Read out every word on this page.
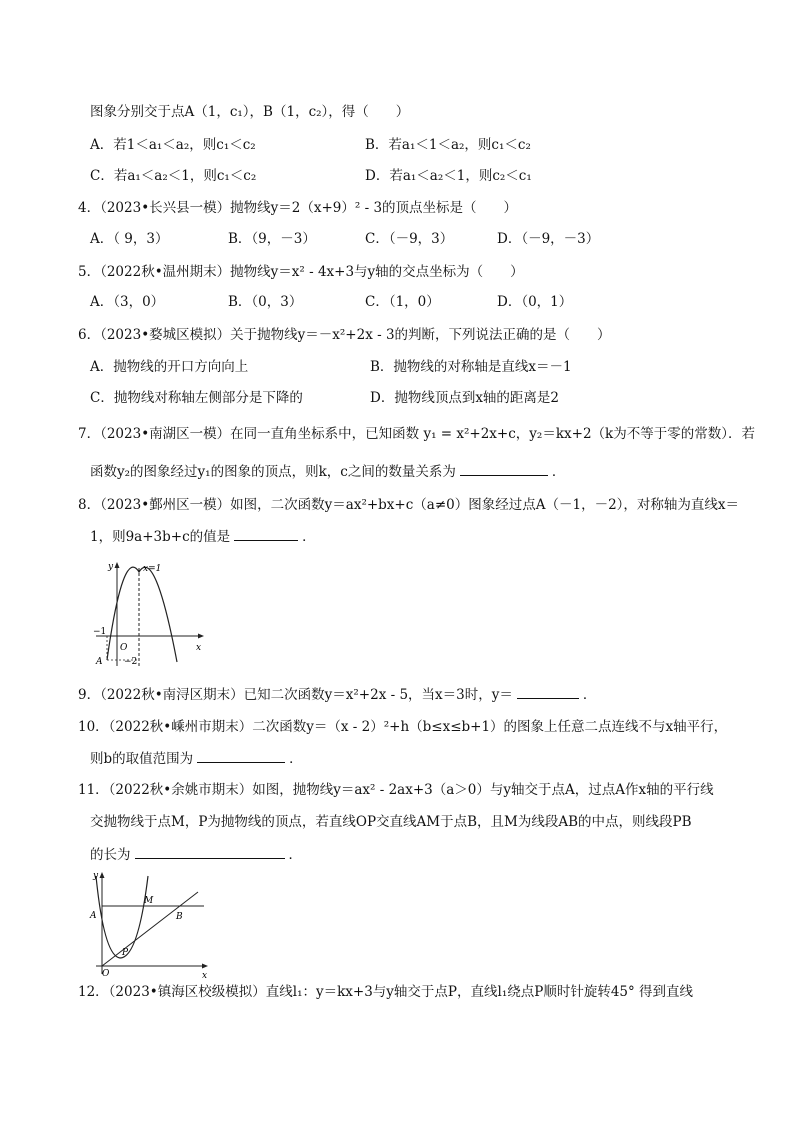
图象分别交于点A（1，c₁），B（1，c₂），得（　　）
A．若1＜a₁＜a₂，则c₁＜c₂	B．若a₁＜1＜a₂，则c₁＜c₂
C．若a₁＜a₂＜1，则c₁＜c₂	D．若a₁＜a₂＜1，则c₂＜c₁
4．（2023•长兴县一模）抛物线y＝2（x+9）² - 3的顶点坐标是（　　）
A．（ 9，3）	B．（9，－3）	C．（－9，3）	D．（－9，－3）
5．（2022秋•温州期末）抛物线y＝x² - 4x+3与y轴的交点坐标为（　　）
A．（3，0）	B．（0，3）	C．（1，0）	D．（0，1）
6．（2023•婺城区模拟）关于抛物线y＝－x²+2x - 3的判断，下列说法正确的是（　　）
A．抛物线的开口方向向上	B．抛物线的对称轴是直线x＝－1
C．抛物线对称轴左侧部分是下降的	D．抛物线顶点到x轴的距离是2
7．（2023•南湖区一模）在同一直角坐标系中，已知函数 y₁ = x²+2x+c，y₂＝kx+2（k为不等于零的常数）．若
函数y₂的图象经过y₁的图象的顶点，则k，c之间的数量关系为	．
8．（2023•鄞州区一模）如图，二次函数y＝ax²+bx+c（a≠0）图象经过点A（－1，－2），对称轴为直线x＝
1，则9a+3b+c的值是	．
y
x
x=1
O
−1
−2
A
9．（2022秋•南浔区期末）已知二次函数y＝x²+2x - 5，当x＝3时，y＝	．
10．（2022秋•嵊州市期末）二次函数y＝（x - 2）²+h（b≤x≤b+1）的图象上任意二点连线不与x轴平行，
则b的取值范围为	．
11．（2022秋•余姚市期末）如图，抛物线y＝ax² - 2ax+3（a＞0）与y轴交于点A，过点A作x轴的平行线
交抛物线于点M，P为抛物线的顶点，若直线OP交直线AM于点B，且M为线段AB的中点，则线段PB
的长为	．
y
x
A
M
B
P
O
12．（2023•镇海区校级模拟）直线l₁：y＝kx+3与y轴交于点P，直线l₁绕点P顺时针旋转45° 得到直线
